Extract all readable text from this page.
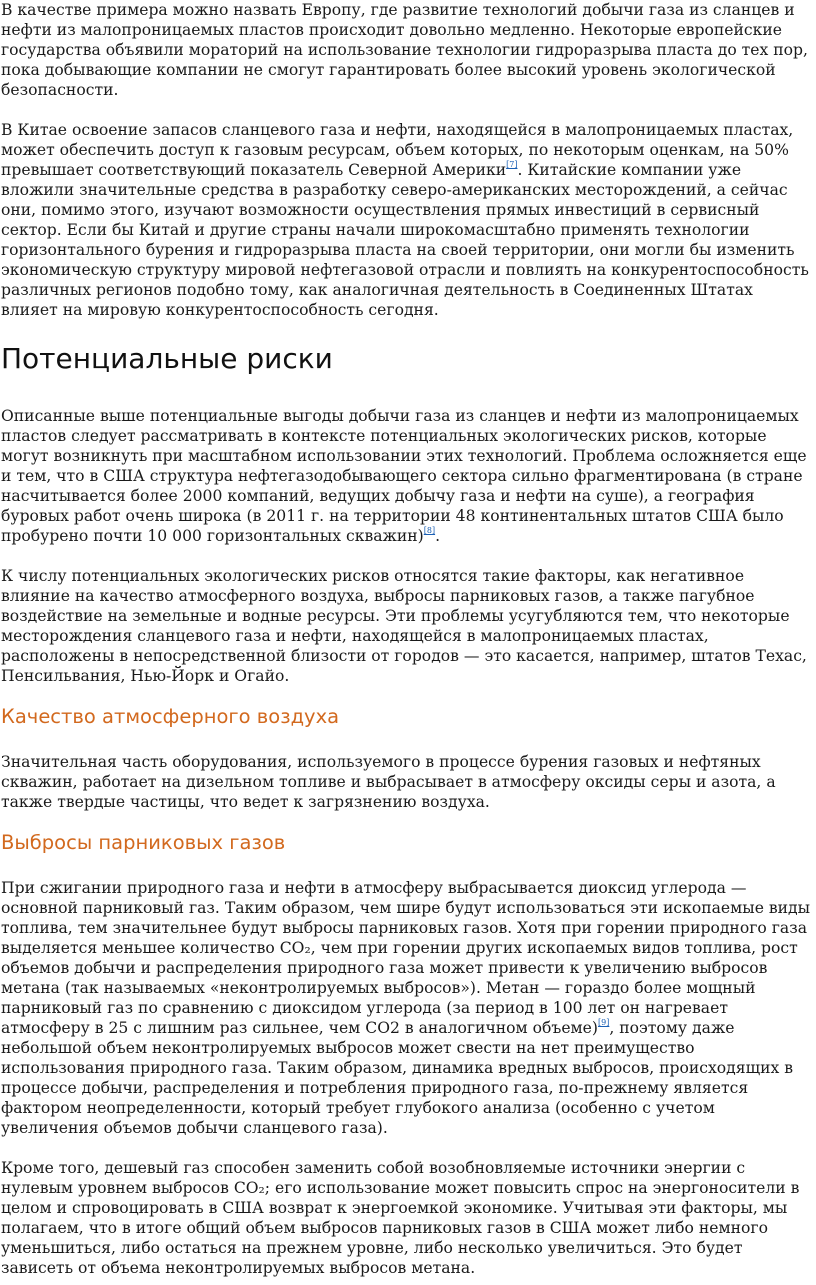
В качестве примера можно назвать Европу, где развитие технологий добычи газа из сланцев и нефти из малопроницаемых пластов происходит довольно медленно. Некоторые европейские государства объявили мораторий на использование технологии гидроразрыва пласта до тех пор, пока добывающие компании не смогут гарантировать более высокий уровень экологической безопасности.

В Китае освоение запасов сланцевого газа и нефти, находящейся в малопроницаемых пластах, может обеспечить доступ к газовым ресурсам, объем которых, по некоторым оценкам, на 50% превышает соответствующий показатель Северной Америки[7]. Китайские компании уже вложили значительные средства в разработку северо-американских месторождений, а сейчас они, помимо этого, изучают возможности осуществления прямых инвестиций в сервисный сектор. Если бы Китай и другие страны начали широкомасштабно применять технологии горизонтального бурения и гидроразрыва пласта на своей территории, они могли бы изменить экономическую структуру мировой нефтегазовой отрасли и повлиять на конкурентоспособность различных регионов подобно тому, как аналогичная деятельность в Соединенных Штатах влияет на мировую конкурентоспособность сегодня.

Потенциальные риски

Описанные выше потенциальные выгоды добычи газа из сланцев и нефти из малопроницаемых пластов следует рассматривать в контексте потенциальных экологических рисков, которые могут возникнуть при масштабном использовании этих технологий. Проблема осложняется еще и тем, что в США структура нефтегазодобывающего сектора сильно фрагментирована (в стране насчитывается более 2000 компаний, ведущих добычу газа и нефти на суше), а география буровых работ очень широка (в 2011 г. на территории 48 континентальных штатов США было пробурено почти 10 000 горизонтальных скважин)[8].

К числу потенциальных экологических рисков относятся такие факторы, как негативное влияние на качество атмосферного воздуха, выбросы парниковых газов, а также пагубное воздействие на земельные и водные ресурсы. Эти проблемы усугубляются тем, что некоторые месторождения сланцевого газа и нефти, находящейся в малопроницаемых пластах, расположены в непосредственной близости от городов — это касается, например, штатов Техас, Пенсильвания, Нью-Йорк и Огайо.

Качество атмосферного воздуха

Значительная часть оборудования, используемого в процессе бурения газовых и нефтяных скважин, работает на дизельном топливе и выбрасывает в атмосферу оксиды серы и азота, а также твердые частицы, что ведет к загрязнению воздуха.

Выбросы парниковых газов

При сжигании природного газа и нефти в атмосферу выбрасывается диоксид углерода — основной парниковый газ. Таким образом, чем шире будут использоваться эти ископаемые виды топлива, тем значительнее будут выбросы парниковых газов. Хотя при горении природного газа выделяется меньшее количество СО₂, чем при горении других ископаемых видов топлива, рост объемов добычи и распределения природного газа может привести к увеличению выбросов метана (так называемых «неконтролируемых выбросов»). Метан — гораздо более мощный парниковый газ по сравнению с диоксидом углерода (за период в 100 лет он нагревает атмосферу в 25 с лишним раз сильнее, чем СО2 в аналогичном объеме)[9], поэтому даже небольшой объем неконтролируемых выбросов может свести на нет преимущество использования природного газа. Таким образом, динамика вредных выбросов, происходящих в процессе добычи, распределения и потребления природного газа, по-прежнему является фактором неопределенности, который требует глубокого анализа (особенно с учетом увеличения объемов добычи сланцевого газа).

Кроме того, дешевый газ способен заменить собой возобновляемые источники энергии с нулевым уровнем выбросов СО₂; его использование может повысить спрос на энергоносители в целом и спровоцировать в США возврат к энергоемкой экономике. Учитывая эти факторы, мы полагаем, что в итоге общий объем выбросов парниковых газов в США может либо немного уменьшиться, либо остаться на прежнем уровне, либо несколько увеличиться. Это будет зависеть от объема неконтролируемых выбросов метана.
